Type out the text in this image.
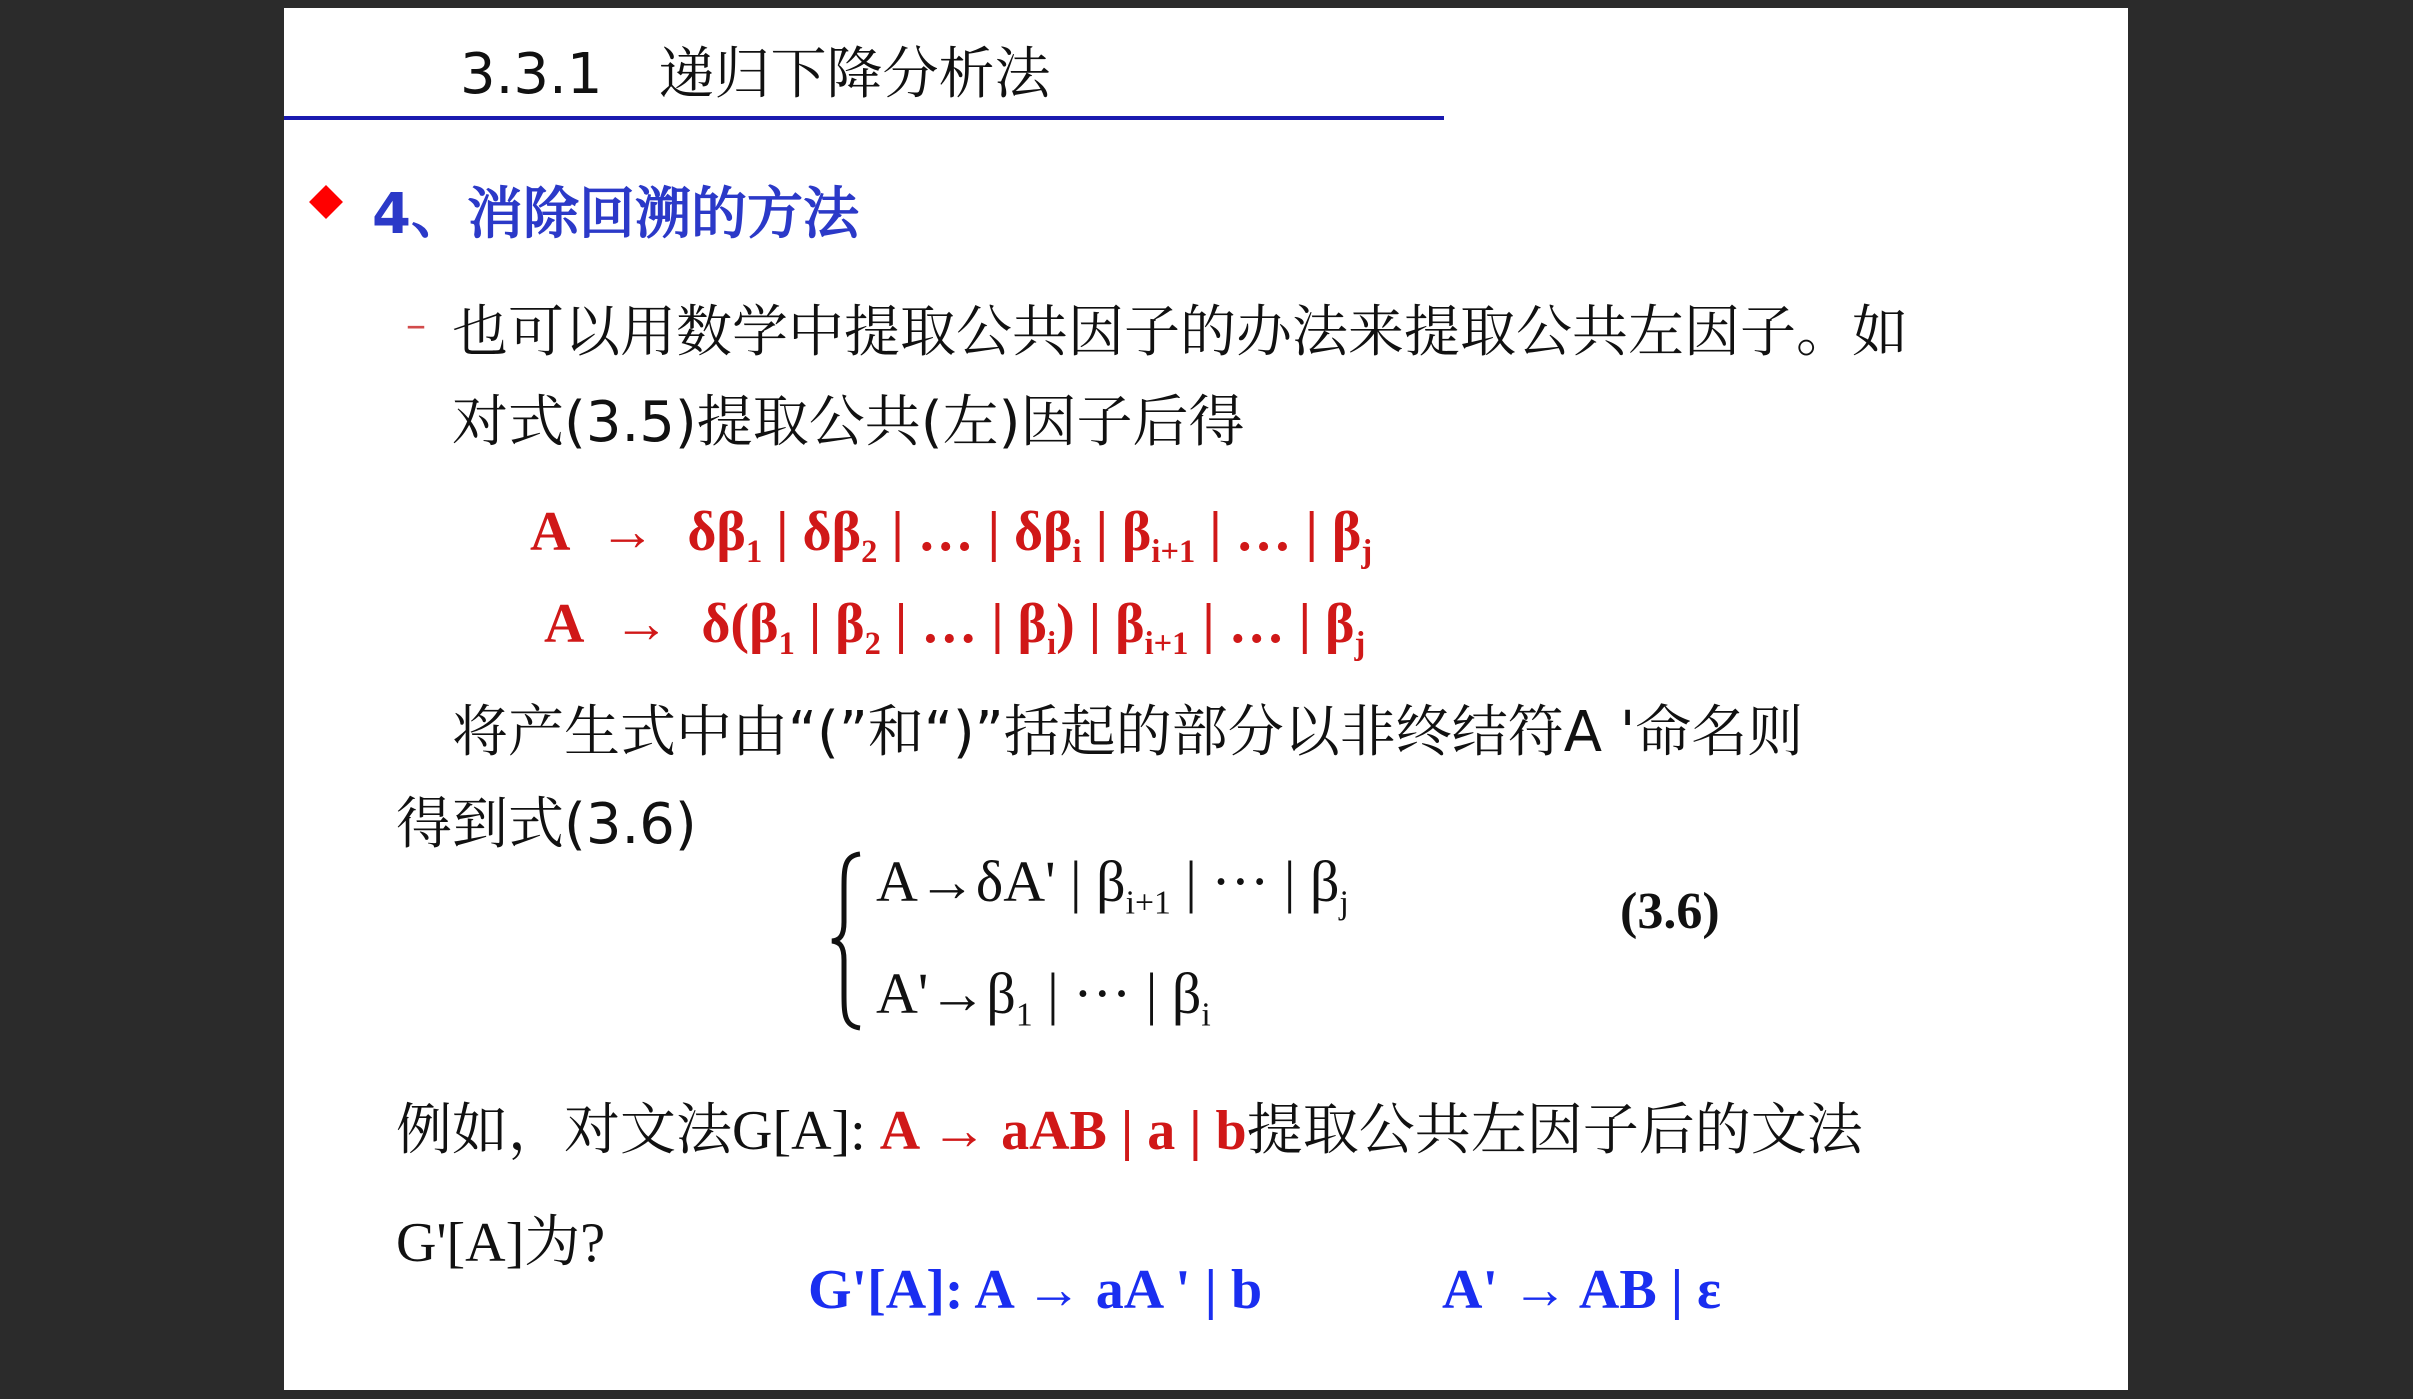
3.3.1　递归下降分析法
4、消除回溯的方法
– 也可以用数学中提取公共因子的办法来提取公共左因子。如
对式(3.5)提取公共(左)因子后得
$A \to \delta\beta_1$ | $\delta\beta_2$ | … | $\delta\beta_i$ | $\beta_{i+1}$ | … | $\beta_j$
$A \to \delta(\beta_1$ | $\beta_2$ | … | $\beta_i$) | $\beta_{i+1}$ | … | $\beta_j$
将产生式中由“(”和“)”括起的部分以非终结符A '命名则
得到式(3.6)
A→δA' | $\beta_{i+1}$ | ··· | $\beta_j$
$A'\to\beta_1$ | ··· | $\beta_i$
(3.6)
例如，对文法G[A]: A → aAB | a | b提取公共左因子后的文法
G'[A]为?
G'[A]: A → aA ' | b	A' → AB | ε
